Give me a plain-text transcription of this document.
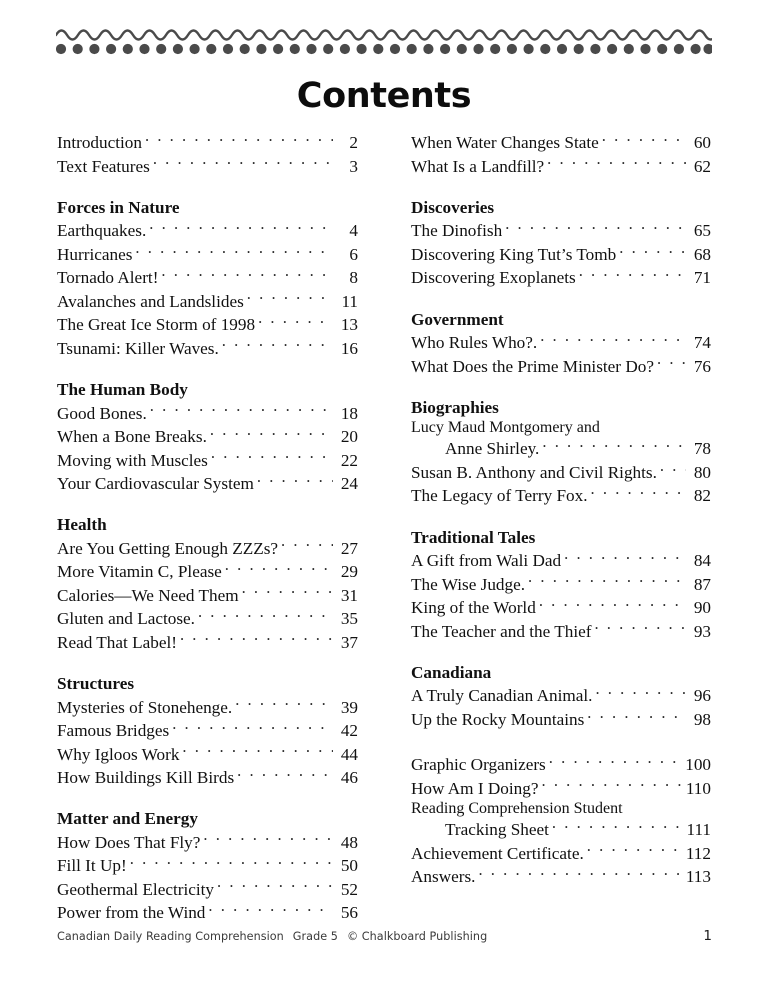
Contents
Introduction . . .	2
Text Features . . .	3
Forces in Nature
Earthquakes. . . .	4
Hurricanes . . .	6
Tornado Alert! . . .	8
Avalanches and Landslides . . .	11
The Great Ice Storm of 1998 . . .	13
Tsunami: Killer Waves. . . .	16
The Human Body
Good Bones. . . .	18
When a Bone Breaks. . . .	20
Moving with Muscles . . .	22
Your Cardiovascular System . . .	24
Health
Are You Getting Enough ZZZs? . . .	27
More Vitamin C, Please . . .	29
Calories—We Need Them . . .	31
Gluten and Lactose. . . .	35
Read That Label! . . .	37
Structures
Mysteries of Stonehenge. . . .	39
Famous Bridges . . .	42
Why Igloos Work . . .	44
How Buildings Kill Birds . . .	46
Matter and Energy
How Does That Fly? . . .	48
Fill It Up! . . .	50
Geothermal Electricity . . .	52
Power from the Wind . . .	56
When Water Changes State . . .	60
What Is a Landfill? . . .	62
Discoveries
The Dinofish . . .	65
Discovering King Tut’s Tomb . . .	68
Discovering Exoplanets . . .	71
Government
Who Rules Who?. . . .	74
What Does the Prime Minister Do? . . .	76
Biographies
Lucy Maud Montgomery and
Anne Shirley. . . .	78
Susan B. Anthony and Civil Rights. . . .	80
The Legacy of Terry Fox. . . .	82
Traditional Tales
A Gift from Wali Dad . . .	84
The Wise Judge. . . .	87
King of the World . . .	90
The Teacher and the Thief . . .	93
Canadiana
A Truly Canadian Animal. . . .	96
Up the Rocky Mountains . . .	98
Graphic Organizers . . .	100
How Am I Doing? . . .	110
Reading Comprehension Student
Tracking Sheet . . .	111
Achievement Certificate. . . .	112
Answers. . . .	113
Canadian Daily Reading Comprehension Grade 5 © Chalkboard Publishing	1
